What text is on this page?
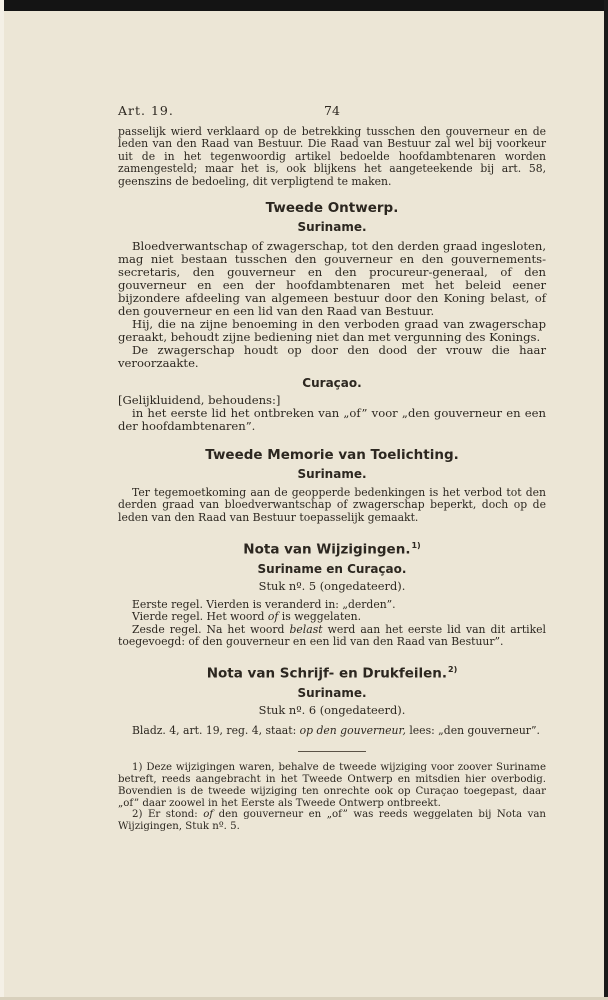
Art. 19.	74

passelijk wierd verklaard op de betrekking tusschen den gouverneur en de leden van den Raad van Bestuur. Die Raad van Bestuur zal wel bij voorkeur uit de in het tegenwoordig artikel bedoelde hoofdambtenaren worden zamengesteld; maar het is, ook blijkens het aangeteekende bij art. 58, geenszins de bedoeling, dit verpligtend te maken.

Tweede Ontwerp.
Suriname.

Bloedverwantschap of zwagerschap, tot den derden graad ingesloten, mag niet bestaan tusschen den gouverneur en den gouvernements-secretaris, den gouverneur en den procureur-generaal, of den gouverneur en een der hoofdambtenaren met het beleid eener bijzondere afdeeling van algemeen bestuur door den Koning belast, of den gouverneur en een lid van den Raad van Bestuur.

Hij, die na zijne benoeming in den verboden graad van zwagerschap geraakt, behoudt zijne bediening niet dan met vergunning des Konings.

De zwagerschap houdt op door den dood der vrouw die haar veroorzaakte.

Curaçao.

[Gelijkluidend, behoudens:]

in het eerste lid het ontbreken van „of” voor „den gouverneur en een der hoofdambtenaren”.

Tweede Memorie van Toelichting.
Suriname.

Ter tegemoetkoming aan de geopperde bedenkingen is het verbod tot den derden graad van bloedverwantschap of zwagerschap beperkt, doch op de leden van den Raad van Bestuur toepasselijk gemaakt.

Nota van Wijzigingen.$^{1)}$
Suriname en Curaçao.
Stuk nº. 5 (ongedateerd).

Eerste regel. Vierden is veranderd in: „derden”.

Vierde regel. Het woord of is weggelaten.

Zesde regel. Na het woord belast werd aan het eerste lid van dit artikel toegevoegd: of den gouverneur en een lid van den Raad van Bestuur”.

Nota van Schrijf- en Drukfeilen.$^{2)}$
Suriname.
Stuk nº. 6 (ongedateerd).

Bladz. 4, art. 19, reg. 4, staat: op den gouverneur, lees: „den gouverneur”.

1) Deze wijzigingen waren, behalve de tweede wijziging voor zoover Suriname betreft, reeds aangebracht in het Tweede Ontwerp en mitsdien hier overbodig. Bovendien is de tweede wijziging ten onrechte ook op Curaçao toegepast, daar „of” daar zoowel in het Eerste als Tweede Ontwerp ontbreekt.

2) Er stond: of den gouverneur en „of” was reeds weggelaten bij Nota van Wijzigingen, Stuk nº. 5.
